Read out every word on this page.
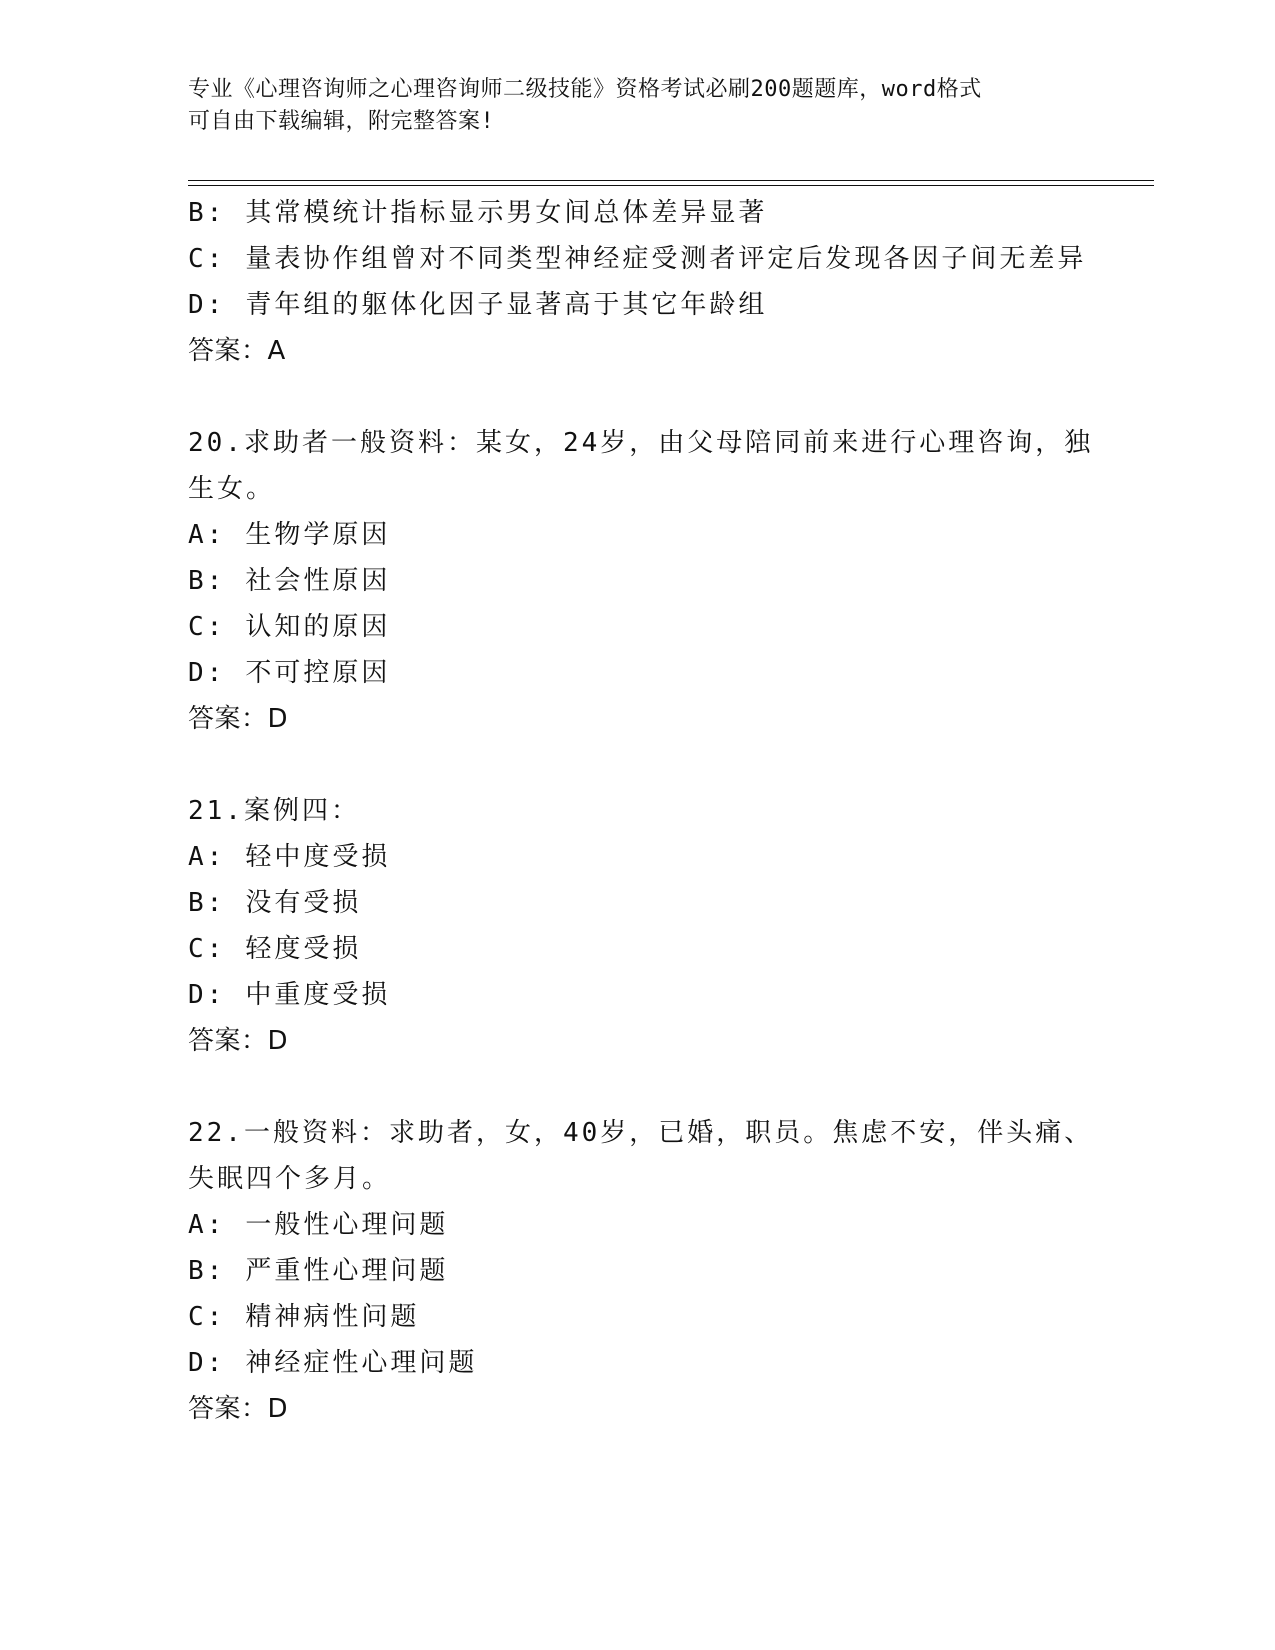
专业《心理咨询师之心理咨询师二级技能》资格考试必刷200题题库，word格式
可自由下载编辑，附完整答案!
B: 其常模统计指标显示男女间总体差异显著
C: 量表协作组曾对不同类型神经症受测者评定后发现各因子间无差异
D: 青年组的躯体化因子显著高于其它年龄组
答案：A
20.求助者一般资料：某女，24岁，由父母陪同前来进行心理咨询，独
生女。
A: 生物学原因
B: 社会性原因
C: 认知的原因
D: 不可控原因
答案：D
21.案例四：
A: 轻中度受损
B: 没有受损
C: 轻度受损
D: 中重度受损
答案：D
22.一般资料：求助者，女，40岁，已婚，职员。焦虑不安，伴头痛、
失眠四个多月。
A: 一般性心理问题
B: 严重性心理问题
C: 精神病性问题
D: 神经症性心理问题
答案：D
